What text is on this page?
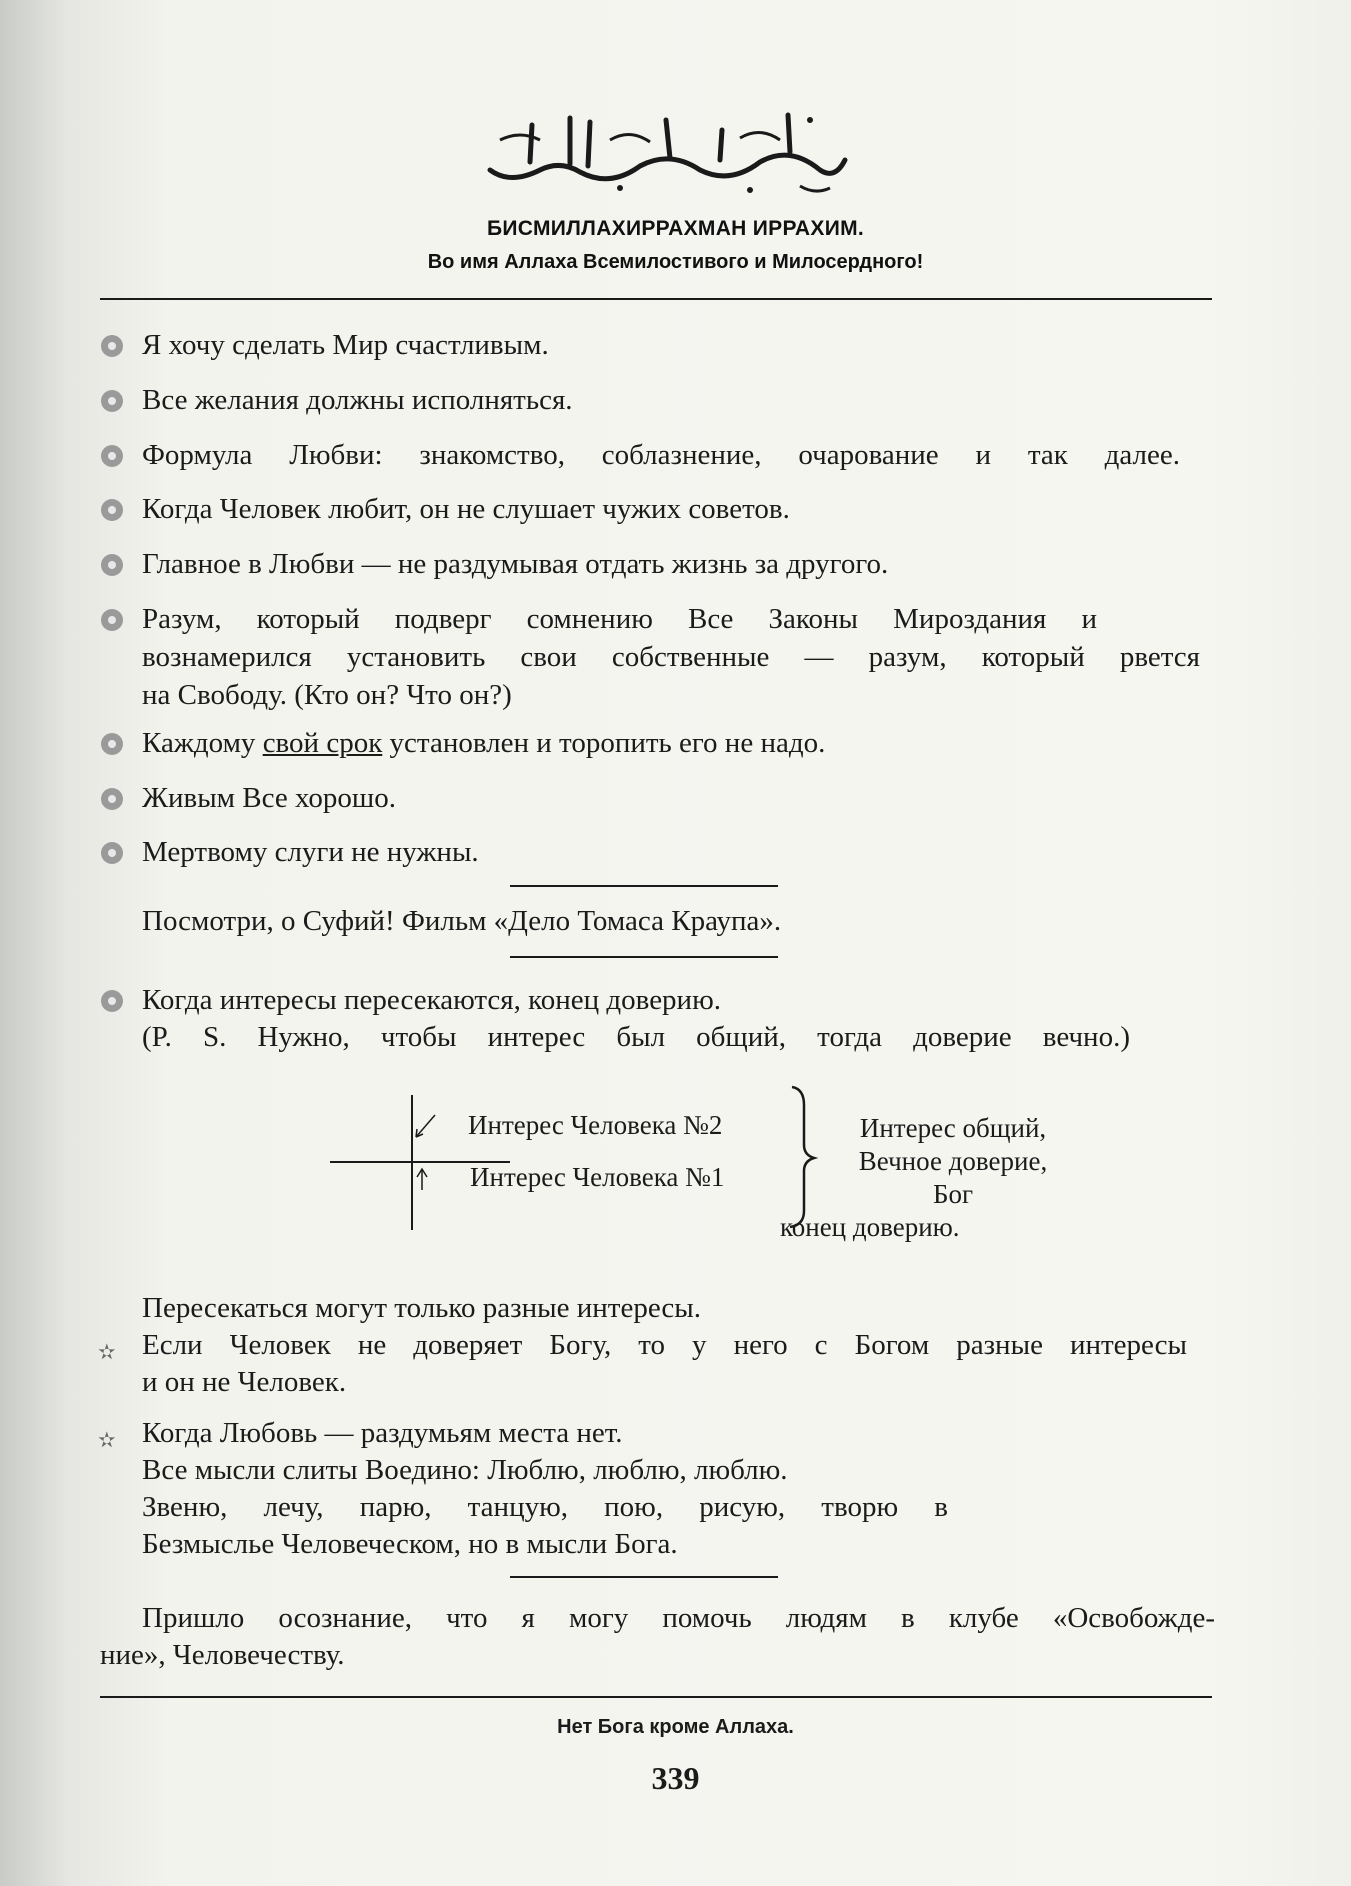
БИСМИЛЛАХИРРАХМАН ИРРАХИМ.
Во имя Аллаха Всемилостивого и Милосердного!
Я хочу сделать Мир счастливым.
Все желания должны исполняться.
Формула Любви: знакомство, соблазнение, очарование и так далее.
Когда Человек любит, он не слушает чужих советов.
Главное в Любви — не раздумывая отдать жизнь за другого.
Разум, который подверг сомнению Все Законы Мироздания и
вознамерился установить свои собственные — разум, который рвется
на Свободу. (Кто он? Что он?)
Каждому свой срок установлен и торопить его не надо.
Живым Все хорошо.
Мертвому слуги не нужны.
Посмотри, о Суфий! Фильм «Дело Томаса Краупа».
Когда интересы пересекаются, конец доверию.
(P. S. Нужно, чтобы интерес был общий, тогда доверие вечно.)
Интерес Человека №2
Интерес Человека №1
Интерес общий,
Вечное доверие,
Бог
конец доверию.
Пересекаться могут только разные интересы.
✫ Если Человек не доверяет Богу, то у него с Богом разные интересы
и он не Человек.
✫ Когда Любовь — раздумьям места нет.
Все мысли слиты Воедино: Люблю, люблю, люблю.
Звеню, лечу, парю, танцую, пою, рисую, творю в
Безмыслье Человеческом, но в мысли Бога.
Пришло осознание, что я могу помочь людям в клубе «Освобожде-
ние», Человечеству.
Нет Бога кроме Аллаха.
339
